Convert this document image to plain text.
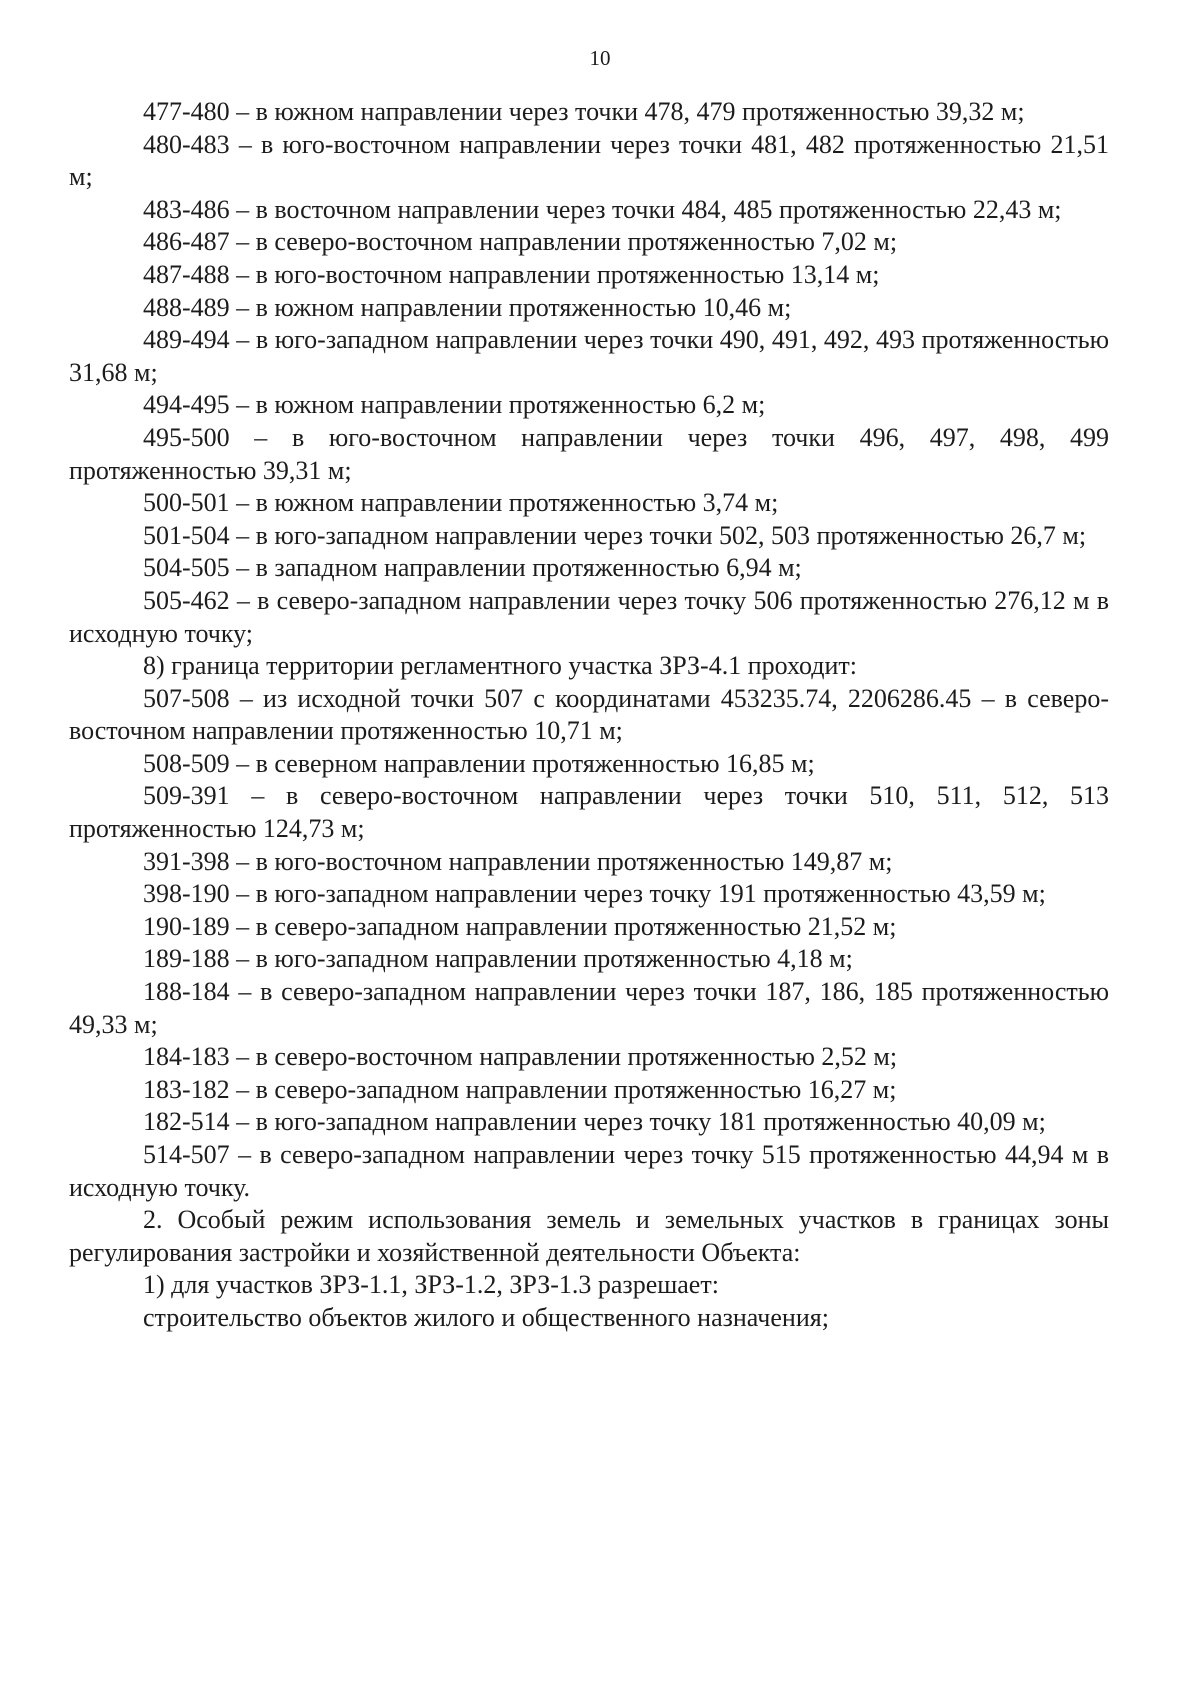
10

477-480 – в южном направлении через точки 478, 479 протяженностью 39,32 м;

480-483 – в юго-восточном направлении через точки 481, 482 протяженностью 21,51 м;

483-486 – в восточном направлении через точки 484, 485 протяженностью 22,43 м;

486-487 – в северо-восточном направлении протяженностью 7,02 м;

487-488 – в юго-восточном направлении протяженностью 13,14 м;

488-489 – в южном направлении протяженностью 10,46 м;

489-494 – в юго-западном направлении через точки 490, 491, 492, 493 протяженностью 31,68 м;

494-495 – в южном направлении протяженностью 6,2 м;

495-500 – в юго-восточном направлении через точки 496, 497, 498, 499 протяженностью 39,31 м;

500-501 – в южном направлении протяженностью 3,74 м;

501-504 – в юго-западном направлении через точки 502, 503 протяженностью 26,7 м;

504-505 – в западном направлении протяженностью 6,94 м;

505-462 – в северо-западном направлении через точку 506 протяженностью 276,12 м в исходную точку;

8) граница территории регламентного участка ЗРЗ-4.1 проходит:

507-508 – из исходной точки 507 с координатами 453235.74, 2206286.45 – в северо-восточном направлении протяженностью 10,71 м;

508-509 – в северном направлении протяженностью 16,85 м;

509-391 – в северо-восточном направлении через точки 510, 511, 512, 513 протяженностью 124,73 м;

391-398 – в юго-восточном направлении протяженностью 149,87 м;

398-190 – в юго-западном направлении через точку 191 протяженностью 43,59 м;

190-189 – в северо-западном направлении протяженностью 21,52 м;

189-188 – в юго-западном направлении протяженностью 4,18 м;

188-184 – в северо-западном направлении через точки 187, 186, 185 протяженностью 49,33 м;

184-183 – в северо-восточном направлении протяженностью 2,52 м;

183-182 – в северо-западном направлении протяженностью 16,27 м;

182-514 – в юго-западном направлении через точку 181 протяженностью 40,09 м;

514-507 – в северо-западном направлении через точку 515 протяженностью 44,94 м в исходную точку.

2. Особый режим использования земель и земельных участков в границах зоны регулирования застройки и хозяйственной деятельности Объекта:

1) для участков ЗРЗ-1.1, ЗРЗ-1.2, ЗРЗ-1.3 разрешает:

строительство объектов жилого и общественного назначения;
